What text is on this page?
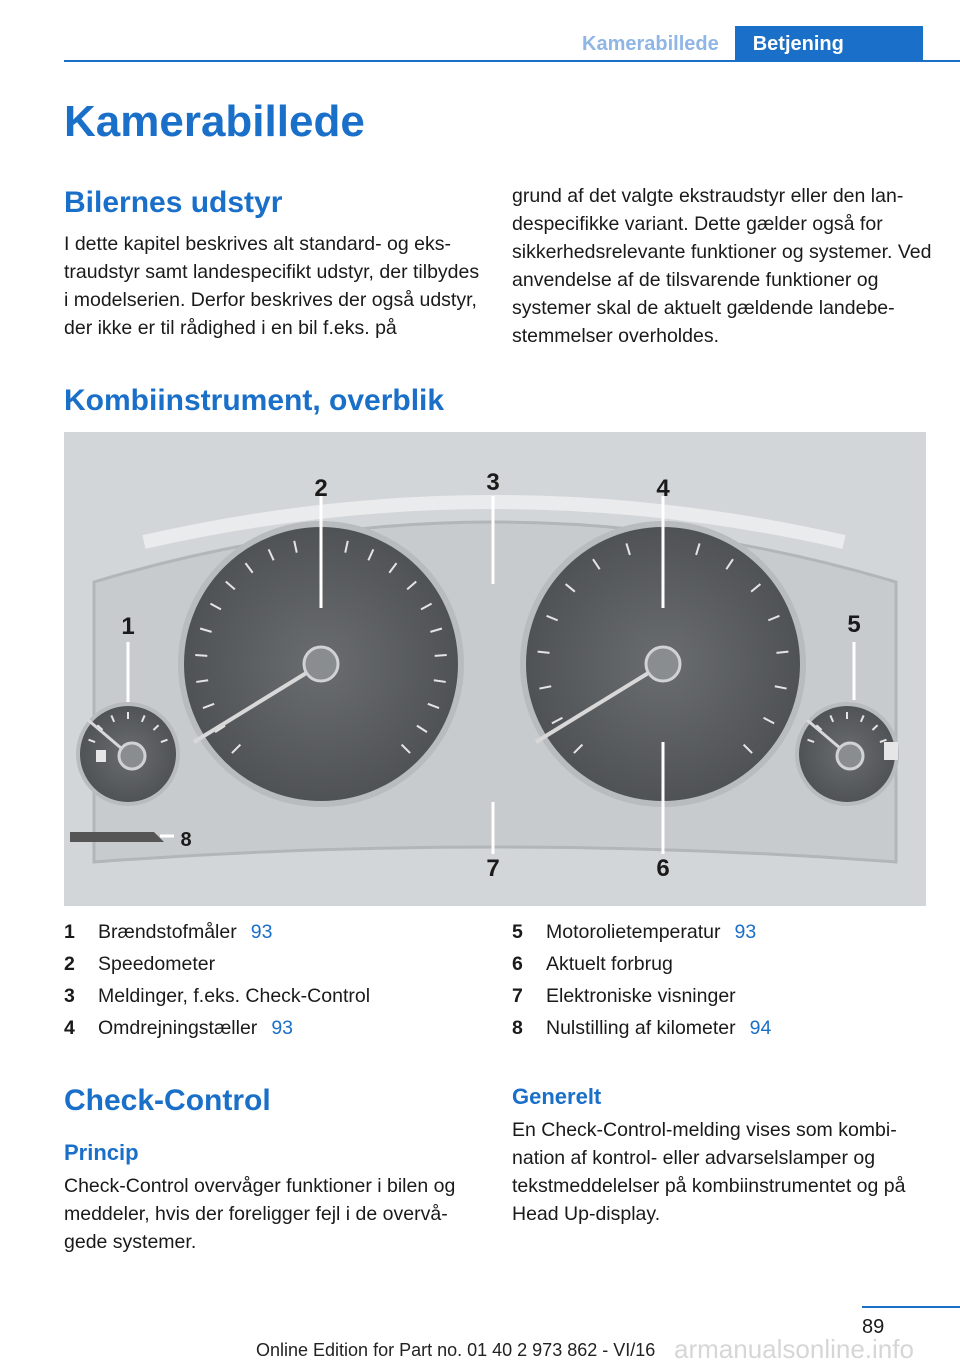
Kamerabillede	Betjening
Kamerabillede
Bilernes udstyr

I dette kapitel beskrives alt standard- og ekstraudstyr samt landespecifikt udstyr, der tilbydes i modelserien. Derfor beskrives der også udstyr, der ikke er til rådighed i en bil f.eks. på

grund af det valgte ekstraudstyr eller den landespecifikke variant. Dette gælder også for sikkerhedsrelevante funktioner og systemer. Ved anvendelse af de tilsvarende funktioner og systemer skal de aktuelt gældende landebestemmelser overholdes.

Kombiinstrument, overblik
2	3	4
1	5
6
7
8
1	Brændstofmåler 93
2	Speedometer
3	Meldinger, f.eks. Check-Control
4	Omdrejningstæller 93
5	Motorolietemperatur 93
6	Aktuelt forbrug
7	Elektroniske visninger
8	Nulstilling af kilometer 94
Check-Control
Princip

Check-Control overvåger funktioner i bilen og meddeler, hvis der foreligger fejl i de overvågede systemer.

Generelt

En Check-Control-melding vises som kombination af kontrol- eller advarselslamper og tekstmeddelelser på kombiinstrumentet og på Head Up-display.

89
Online Edition for Part no. 01 40 2 973 862 - VI/16 armanualsonline.info
